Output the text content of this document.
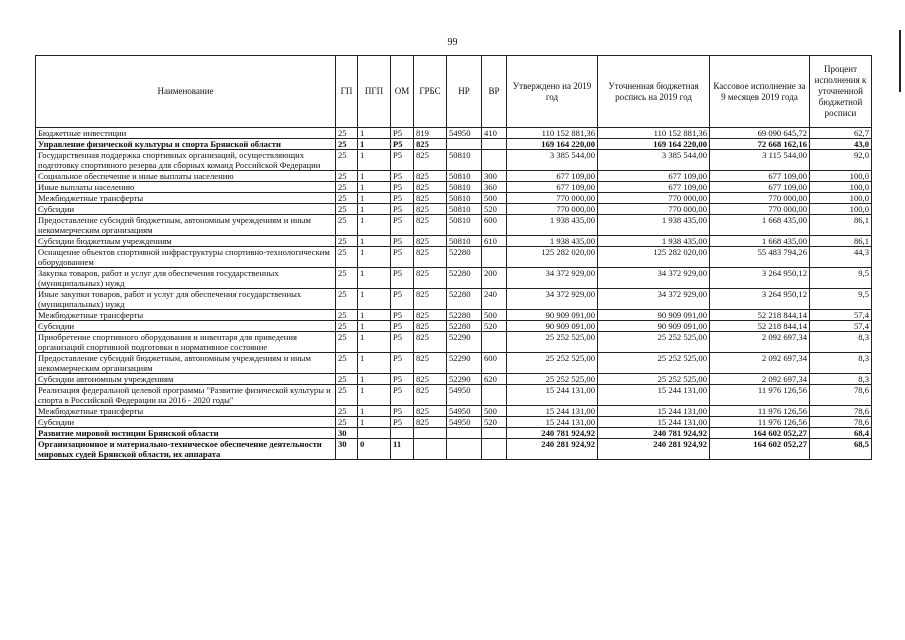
99
Наименование	ГП	ПГП	ОМ	ГРБС	НР	ВР	Утверждено на 2019 год	Уточненная бюджетная роспись на 2019 год	Кассовое исполнение за 9 месяцев 2019 года	Процент исполнения к уточненной бюджетной росписи
Бюджетные инвестиции	25	1	Р5	819	54950	410	110 152 881,36	110 152 881,36	69 090 645,72	62,7
Управление физической культуры и спорта Брянской области	25	1	Р5	825			169 164 220,00	169 164 220,00	72 668 162,16	43,0
Государственная поддержка спортивных организаций, осуществляющих подготовку спортивного резерва для сборных команд Российской Федерации	25	1	Р5	825	50810		3 385 544,00	3 385 544,00	3 115 544,00	92,0
Социальное обеспечение и иные выплаты населению	25	1	Р5	825	50810	300	677 109,00	677 109,00	677 109,00	100,0
Иные выплаты населению	25	1	Р5	825	50810	360	677 109,00	677 109,00	677 109,00	100,0
Межбюджетные трансферты	25	1	Р5	825	50810	500	770 000,00	770 000,00	770 000,00	100,0
Субсидии	25	1	Р5	825	50810	520	770 000,00	770 000,00	770 000,00	100,0
Предоставление субсидий бюджетным, автономным учреждениям и иным некоммерческим организациям	25	1	Р5	825	50810	600	1 938 435,00	1 938 435,00	1 668 435,00	86,1
Субсидии бюджетным учреждениям	25	1	Р5	825	50810	610	1 938 435,00	1 938 435,00	1 668 435,00	86,1
Оснащение объектов спортивной инфраструктуры спортивно-технологическим оборудованием	25	1	Р5	825	52280		125 282 020,00	125 282 020,00	55 483 794,26	44,3
Закупка товаров, работ и услуг для обеспечения государственных (муниципальных) нужд	25	1	Р5	825	52280	200	34 372 929,00	34 372 929,00	3 264 950,12	9,5
Иные закупки товаров, работ и услуг для обеспечения государственных (муниципальных) нужд	25	1	Р5	825	52280	240	34 372 929,00	34 372 929,00	3 264 950,12	9,5
Межбюджетные трансферты	25	1	Р5	825	52280	500	90 909 091,00	90 909 091,00	52 218 844,14	57,4
Субсидии	25	1	Р5	825	52280	520	90 909 091,00	90 909 091,00	52 218 844,14	57,4
Приобретение спортивного оборудования и инвентаря для приведения организаций спортивной подготовки в нормативное состояние	25	1	Р5	825	52290		25 252 525,00	25 252 525,00	2 092 697,34	8,3
Предоставление субсидий бюджетным, автономным учреждениям и иным некоммерческим организациям	25	1	Р5	825	52290	600	25 252 525,00	25 252 525,00	2 092 697,34	8,3
Субсидии автономным учреждениям	25	1	Р5	825	52290	620	25 252 525,00	25 252 525,00	2 092 697,34	8,3
Реализация федеральной целевой программы "Развитие физической культуры и спорта в Российской Федерации на 2016 - 2020 годы"	25	1	Р5	825	54950		15 244 131,00	15 244 131,00	11 976 126,56	78,6
Межбюджетные трансферты	25	1	Р5	825	54950	500	15 244 131,00	15 244 131,00	11 976 126,56	78,6
Субсидии	25	1	Р5	825	54950	520	15 244 131,00	15 244 131,00	11 976 126,56	78,6
Развитие мировой юстиции Брянской области	30						240 781 924,92	240 781 924,92	164 602 052,27	68,4
Организационное и материально-техническое обеспечение деятельности мировых судей Брянской области, их аппарата	30	0	11				240 281 924,92	240 281 924,92	164 602 052,27	68,5
